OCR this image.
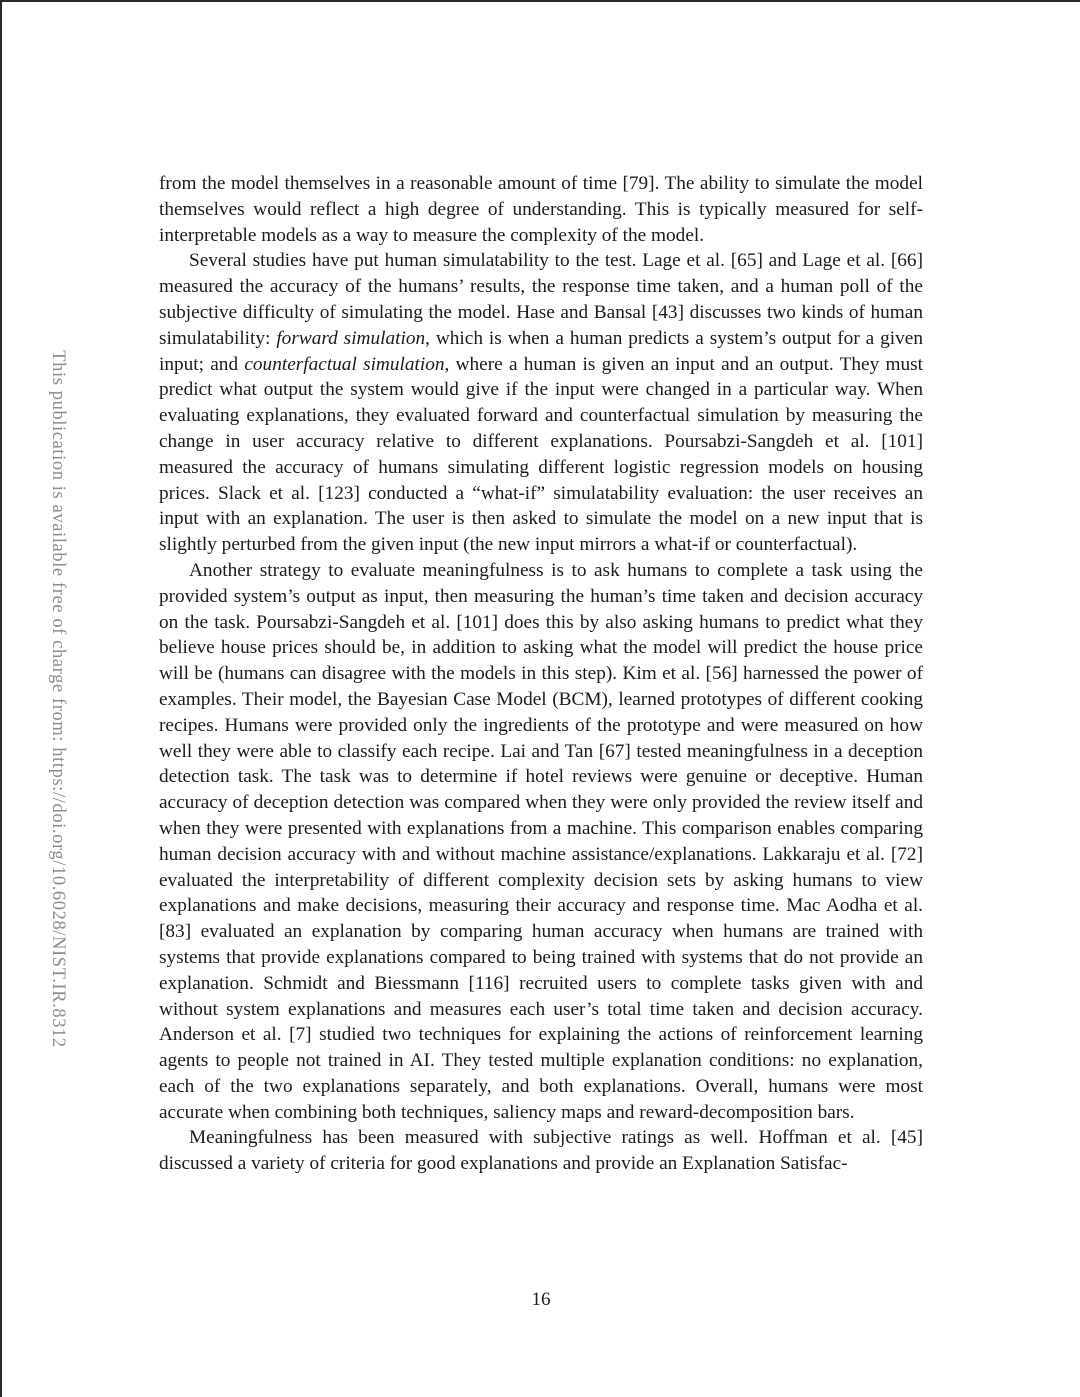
This publication is available free of charge from: https://doi.org/10.6028/NIST.IR.8312

from the model themselves in a reasonable amount of time [79]. The ability to simulate the model themselves would reflect a high degree of understanding. This is typically measured for self-interpretable models as a way to measure the complexity of the model.

Several studies have put human simulatability to the test. Lage et al. [65] and Lage et al. [66] measured the accuracy of the humans’ results, the response time taken, and a human poll of the subjective difficulty of simulating the model. Hase and Bansal [43] discusses two kinds of human simulatability: forward simulation, which is when a human predicts a system’s output for a given input; and counterfactual simulation, where a human is given an input and an output. They must predict what output the system would give if the input were changed in a particular way. When evaluating explanations, they evaluated forward and counterfactual simulation by measuring the change in user accuracy relative to different explanations. Poursabzi-Sangdeh et al. [101] measured the accuracy of humans simulating different logistic regression models on housing prices. Slack et al. [123] conducted a “what-if” simulatability evaluation: the user receives an input with an explanation. The user is then asked to simulate the model on a new input that is slightly perturbed from the given input (the new input mirrors a what-if or counterfactual).

Another strategy to evaluate meaningfulness is to ask humans to complete a task using the provided system’s output as input, then measuring the human’s time taken and decision accuracy on the task. Poursabzi-Sangdeh et al. [101] does this by also asking humans to predict what they believe house prices should be, in addition to asking what the model will predict the house price will be (humans can disagree with the models in this step). Kim et al. [56] harnessed the power of examples. Their model, the Bayesian Case Model (BCM), learned prototypes of different cooking recipes. Humans were provided only the ingredients of the prototype and were measured on how well they were able to classify each recipe. Lai and Tan [67] tested meaningfulness in a deception detection task. The task was to determine if hotel reviews were genuine or deceptive. Human accuracy of deception detection was compared when they were only provided the review itself and when they were presented with explanations from a machine. This comparison enables comparing human decision accuracy with and without machine assistance/explanations. Lakkaraju et al. [72] evaluated the interpretability of different complexity decision sets by asking humans to view explanations and make decisions, measuring their accuracy and response time. Mac Aodha et al. [83] evaluated an explanation by comparing human accuracy when humans are trained with systems that provide explanations compared to being trained with systems that do not provide an explanation. Schmidt and Biessmann [116] recruited users to complete tasks given with and without system explanations and measures each user’s total time taken and decision accuracy. Anderson et al. [7] studied two techniques for explaining the actions of reinforcement learning agents to people not trained in AI. They tested multiple explanation conditions: no explanation, each of the two explanations separately, and both explanations. Overall, humans were most accurate when combining both techniques, saliency maps and reward-decomposition bars.

Meaningfulness has been measured with subjective ratings as well. Hoffman et al. [45] discussed a variety of criteria for good explanations and provide an Explanation Satisfac-

16
